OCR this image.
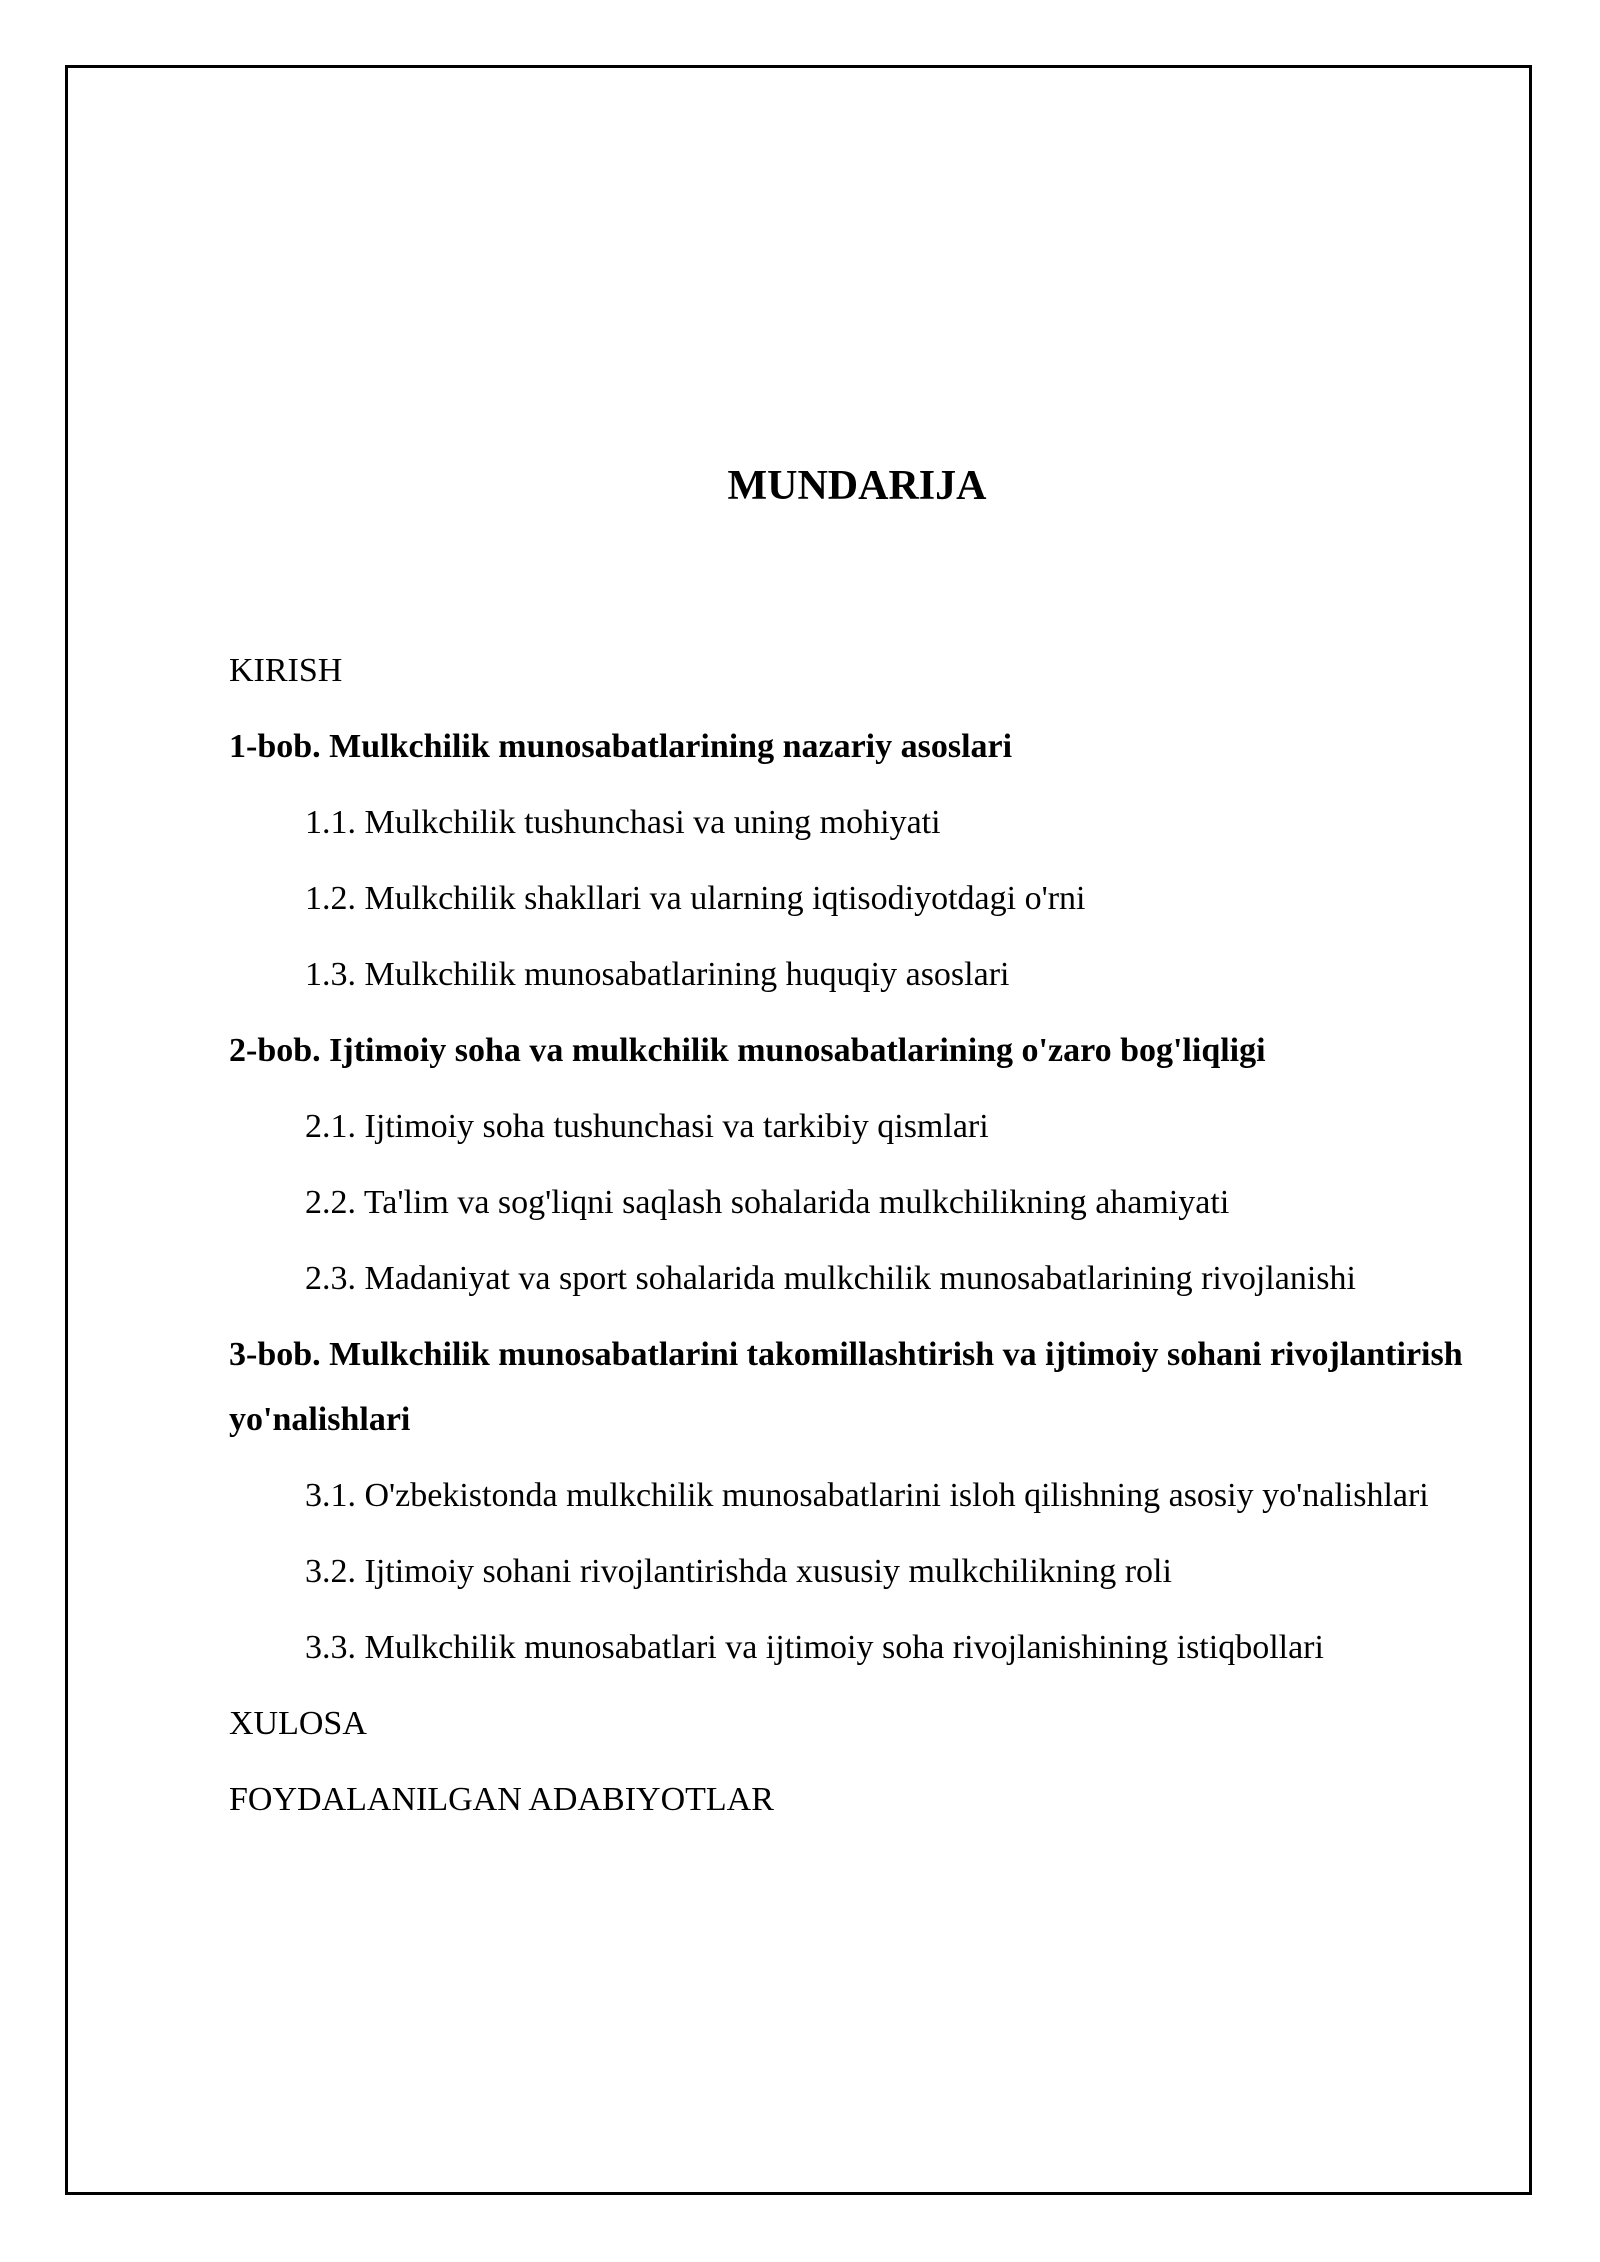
MUNDARIJA
KIRISH
1-bob. Mulkchilik munosabatlarining nazariy asoslari
1.1. Mulkchilik tushunchasi va uning mohiyati
1.2. Mulkchilik shakllari va ularning iqtisodiyotdagi o'rni
1.3. Mulkchilik munosabatlarining huquqiy asoslari
2-bob. Ijtimoiy soha va mulkchilik munosabatlarining o'zaro bog'liqligi
2.1. Ijtimoiy soha tushunchasi va tarkibiy qismlari
2.2. Ta'lim va sog'liqni saqlash sohalarida mulkchilikning ahamiyati
2.3. Madaniyat va sport sohalarida mulkchilik munosabatlarining rivojlanishi
3-bob. Mulkchilik munosabatlarini takomillashtirish va ijtimoiy sohani rivojlantirish yo'nalishlari
3.1. O'zbekistonda mulkchilik munosabatlarini isloh qilishning asosiy yo'nalishlari
3.2. Ijtimoiy sohani rivojlantirishda xususiy mulkchilikning roli
3.3. Mulkchilik munosabatlari va ijtimoiy soha rivojlanishining istiqbollari
XULOSA
FOYDALANILGAN ADABIYOTLAR
